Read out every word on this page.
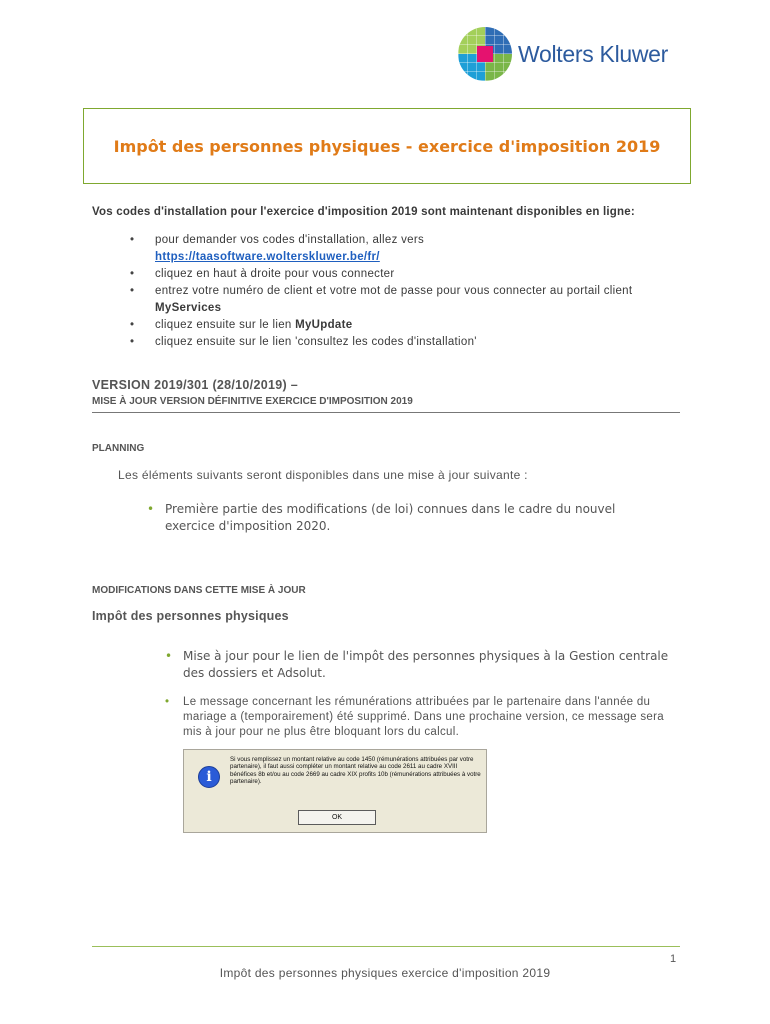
Wolters Kluwer
Impôt des personnes physiques - exercice d'imposition 2019
Vos codes d'installation pour l'exercice d'imposition 2019 sont maintenant disponibles en ligne:
• pour demander vos codes d'installation, allez vers
https://taasoftware.wolterskluwer.be/fr/
• cliquez en haut à droite pour vous connecter
• entrez votre numéro de client et votre mot de passe pour vous connecter au portail client MyServices
• cliquez ensuite sur le lien MyUpdate
• cliquez ensuite sur le lien 'consultez les codes d'installation'
VERSION 2019/301 (28/10/2019) –
MISE À JOUR VERSION DÉFINITIVE EXERCICE D'IMPOSITION 2019
PLANNING
Les éléments suivants seront disponibles dans une mise à jour suivante :
• Première partie des modifications (de loi) connues dans le cadre du nouvel exercice d'imposition 2020.
MODIFICATIONS DANS CETTE MISE À JOUR
Impôt des personnes physiques
• Mise à jour pour le lien de l'impôt des personnes physiques à la Gestion centrale des dossiers et Adsolut.
• Le message concernant les rémunérations attribuées par le partenaire dans l'année du mariage a (temporairement) été supprimé. Dans une prochaine version, ce message sera mis à jour pour ne plus être bloquant lors du calcul.
i
Si vous remplissez un montant relative au code 1450 (rémunérations attribuées par votre partenaire), il faut aussi compléter un montant relative au code 2611 au cadre XVIII bénéfices 8b et/ou au code 2669 au cadre XIX profits 10b (rémunérations attribuées à votre partenaire).
OK
1
Impôt des personnes physiques exercice d'imposition 2019
